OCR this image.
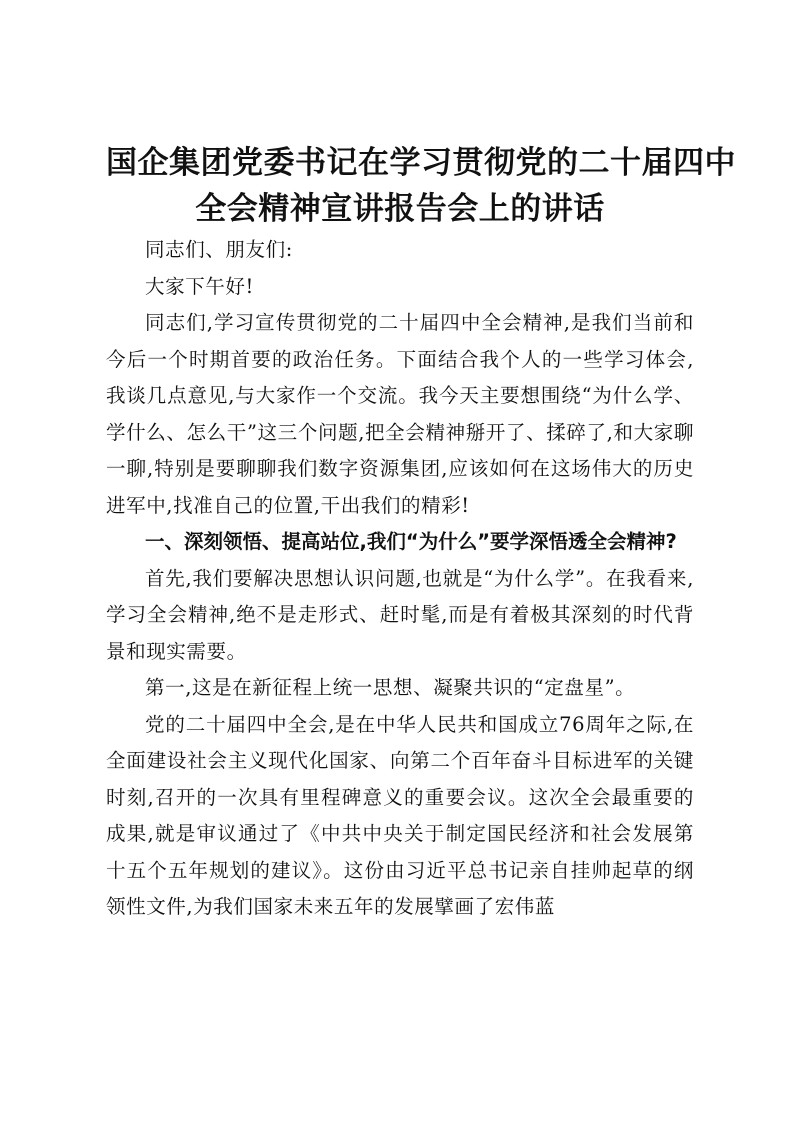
国企集团党委书记在学习贯彻党的二十届四中
全会精神宣讲报告会上的讲话

同志们、朋友们:

大家下午好!

同志们,学习宣传贯彻党的二十届四中全会精神,是我们当前和今后一个时期首要的政治任务。下面结合我个人的一些学习体会,我谈几点意见,与大家作一个交流。我今天主要想围绕“为什么学、学什么、怎么干”这三个问题,把全会精神掰开了、揉碎了,和大家聊一聊,特别是要聊聊我们数字资源集团,应该如何在这场伟大的历史进军中,找准自己的位置,干出我们的精彩!

一、深刻领悟、提高站位,我们“为什么”要学深悟透全会精神?

首先,我们要解决思想认识问题,也就是“为什么学”。在我看来,学习全会精神,绝不是走形式、赶时髦,而是有着极其深刻的时代背景和现实需要。

第一,这是在新征程上统一思想、凝聚共识的“定盘星”。

党的二十届四中全会,是在中华人民共和国成立76周年之际,在全面建设社会主义现代化国家、向第二个百年奋斗目标进军的关键时刻,召开的一次具有里程碑意义的重要会议。这次全会最重要的成果,就是审议通过了《中共中央关于制定国民经济和社会发展第十五个五年规划的建议》。这份由习近平总书记亲自挂帅起草的纲领性文件,为我们国家未来五年的发展擘画了宏伟蓝
